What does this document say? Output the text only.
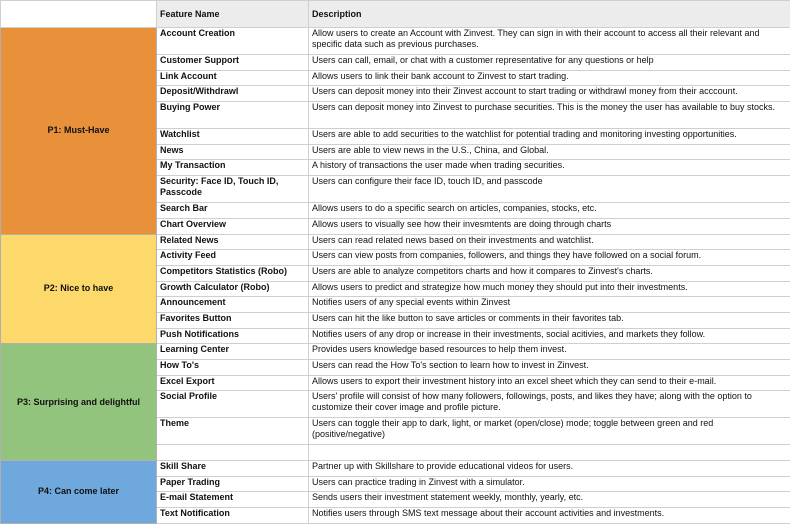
	Feature Name	Description
P1: Must-Have	Account Creation	Allow users to create an Account with Zinvest. They can sign in with their account to access all their relevant and specific data such as previous purchases.
	Customer Support	Users can call, email, or chat with a customer representative for any questions or help
	Link Account	Allows users to link their bank account to Zinvest to start trading.
	Deposit/Withdrawl	Users can deposit money into their Zinvest account to start trading or withdrawl money from their acccount.
	Buying Power	Users can deposit money into Zinvest to purchase securities. This is the money the user has available to buy stocks.
	Watchlist	Users are able to add securities to the watchlist for potential trading and monitoring investing opportunities.
	News	Users are able to view news in the U.S., China, and Global.
	My Transaction	A history of transactions the user made when trading securities.
	Security: Face ID, Touch ID, Passcode	Users can configure their face ID, touch ID, and passcode
	Search Bar	Allows users to do a specific search on articles, companies, stocks, etc.
	Chart Overview	Allows users to visually see how their invesmtents are doing through charts
P2: Nice to have	Related News	Users can read related news based on their investments and watchlist.
	Activity Feed	Users can view posts from companies, followers, and things they have followed on a social forum.
	Competitors Statistics (Robo)	Users are able to analyze competitors charts and how it compares to Zinvest's charts.
	Growth Calculator (Robo)	Allows users to predict and strategize how much money they should put into their investments.
	Announcement	Notifies users of any special events within Zinvest
	Favorites Button	Users can hit the like button to save articles or comments in their favorites tab.
	Push Notifications	Notifies users of any drop or increase in their investments, social acitivies, and markets they follow.
P3: Surprising and delightful	Learning Center	Provides users knowledge based resources to help them invest.
	How To's	Users can read the How To's section to learn how to invest in Zinvest.
	Excel Export	Allows users to export their investment history into an excel sheet which they can send to their e-mail.
	Social Profile	Users' profile will consist of how many followers, followings, posts, and likes they have; along with the option to customize their cover image and profile picture.
	Theme	Users can toggle their app to dark, light, or market (open/close) mode; toggle between green and red (positive/negative)

P4: Can come later	Skill Share	Partner up with Skillshare to provide educational videos for users.
	Paper Trading	Users can practice trading in Zinvest with a simulator.
	E-mail Statement	Sends users their investment statement weekly, monthly, yearly, etc.
	Text Notification	Notifies users through SMS text message about their account activities and investments.
